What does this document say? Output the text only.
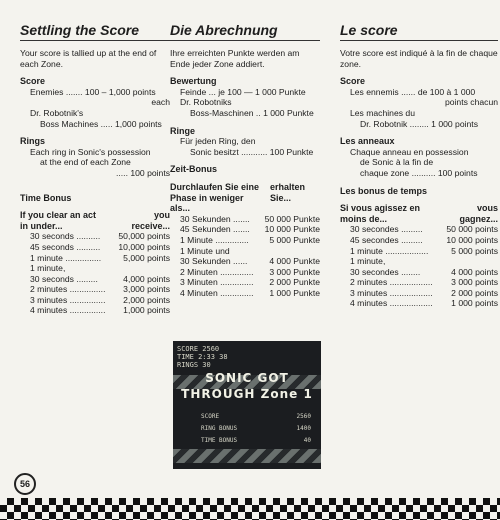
Settling the Score
Your score is tallied up at the end of each Zone.
Score
Enemies ....... 100 – 1,000 points
each
Dr. Robotnik's
Boss Machines ..... 1,000 points
Rings
Each ring in Sonic's possession
at the end of each Zone
..... 100 points
Time Bonus
If you clear an act in under...
you receive...
30 seconds .......... 50,000 points
45 seconds .......... 10,000 points
1 minute ...............	5,000 points
1 minute,
30 seconds .........	4,000 points
2 minutes ............... 3,000 points
3 minutes ............... 2,000 points
4 minutes ............... 1,000 points
Die Abrechnung
Ihre erreichten Punkte werden am Ende jeder Zone addiert.
Bewertung
Feinde ... je 100 — 1 000 Punkte
Dr. Robotniks
Boss-Maschinen .. 1 000 Punkte
Ringe
Für jeden Ring, den
Sonic besitzt ........... 100 Punkte
Zeit-Bonus
Durchlaufen Sie eine Phase in weniger als...
erhalten Sie...
30 Sekunden ....... 50 000 Punkte
45 Sekunden ....... 10 000 Punkte
1 Minute .............. 5 000 Punkte
1 Minute und
30 Sekunden ......	4 000 Punkte
2 Minuten .............. 3 000 Punkte
3 Minuten .............. 2 000 Punkte
4 Minuten .............. 1 000 Punkte
Le score
Votre score est indiqué à la fin de chaque zone.
Score
Les ennemis ...... de 100 à 1 000
points chacun
Les machines du
Dr. Robotnik ........ 1 000 points
Les anneaux
Chaque anneau en possession
de Sonic à la fin de
chaque zone .......... 100 points
Les bonus de temps
Si vous agissez en moins de...
vous gagnez...
30 secondes .........	50 000 points
45 secondes .........	10 000 points
1 minute ..................	5 000 points
1 minute,
30 secondes ........	4 000 points
2 minutes .................. 3 000 points
3 minutes .................. 2 000 points
4 minutes .................. 1 000 points
SCORE 2560
TIME 2:33 38
RINGS 30
SONIC GOT
THROUGH Zone 1
SCORE	2560
RING BONUS	1400
TIME BONUS	40
56
